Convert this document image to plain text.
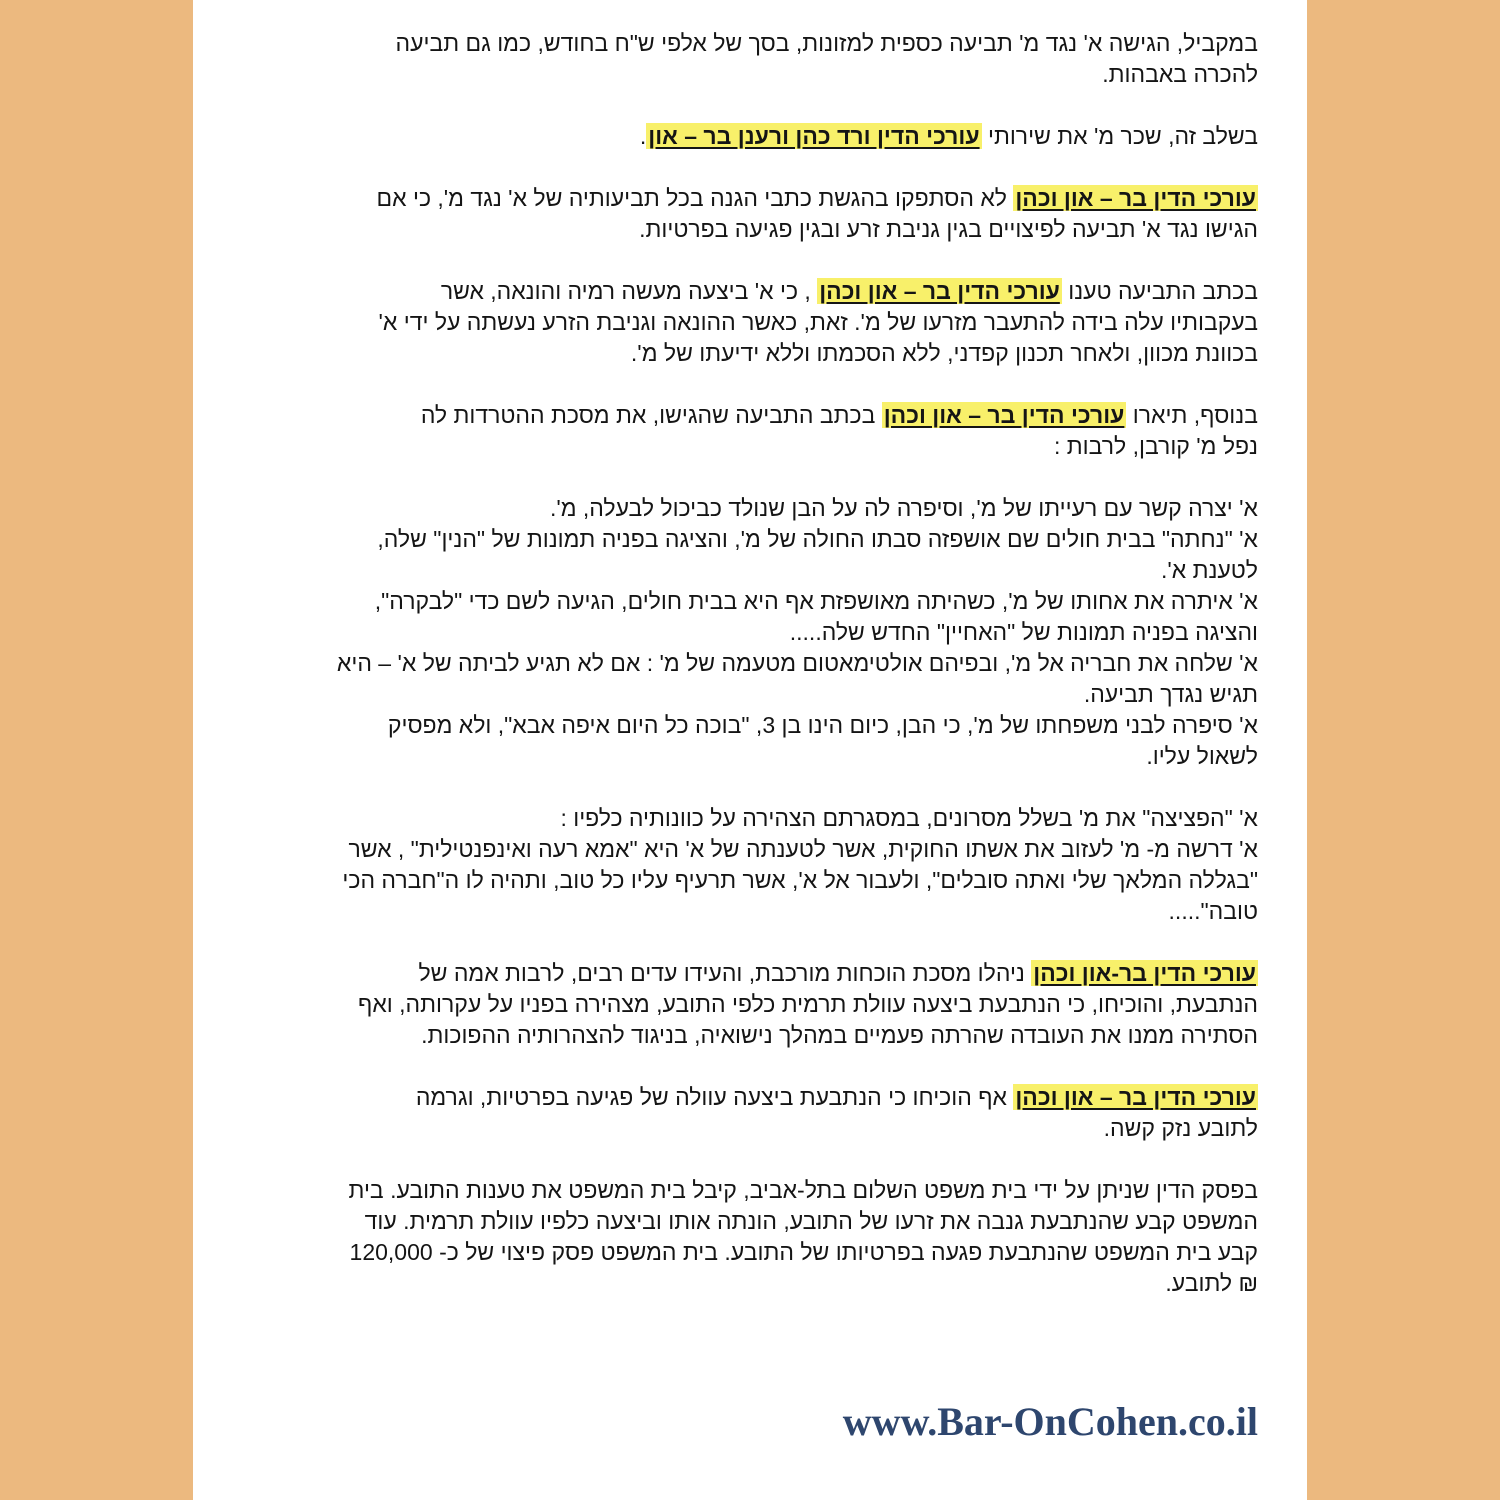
במקביל, הגישה א' נגד מ' תביעה כספית למזונות, בסך של אלפי ש"ח בחודש, כמו גם תביעה
להכרה באבהות.

בשלב זה, שכר מ' את שירותי עורכי הדין ורד כהן ורענן בר – און.

עורכי הדין בר – און וכהן לא הסתפקו בהגשת כתבי הגנה בכל תביעותיה של א' נגד מ', כי אם
הגישו נגד א' תביעה לפיצויים בגין גניבת זרע ובגין פגיעה בפרטיות.

בכתב התביעה טענו עורכי הדין בר – און וכהן , כי א' ביצעה מעשה רמיה והונאה, אשר
בעקבותיו עלה בידה להתעבר מזרעו של מ'. זאת, כאשר ההונאה וגניבת הזרע נעשתה על ידי א'
בכוונת מכוון, ולאחר תכנון קפדני, ללא הסכמתו וללא ידיעתו של מ'.

בנוסף, תיארו עורכי הדין בר – און וכהן בכתב התביעה שהגישו, את מסכת ההטרדות לה
נפל מ' קורבן, לרבות :

א' יצרה קשר עם רעייתו של מ', וסיפרה לה על הבן שנולד כביכול לבעלה, מ'.
א' "נחתה" בבית חולים שם אושפזה סבתו החולה של מ', והציגה בפניה תמונות של "הנין" שלה,
לטענת א'.
א' איתרה את אחותו של מ', כשהיתה מאושפזת אף היא בבית חולים, הגיעה לשם כדי "לבקרה",
והציגה בפניה תמונות של "האחיין" החדש שלה.....
א' שלחה את חבריה אל מ', ובפיהם אולטימאטום מטעמה של מ' : אם לא תגיע לביתה של א' – היא
תגיש נגדך תביעה.
א' סיפרה לבני משפחתו של מ', כי הבן, כיום הינו בן 3, "בוכה כל היום איפה אבא", ולא מפסיק
לשאול עליו.

א' "הפציצה" את מ' בשלל מסרונים, במסגרתם הצהירה על כוונותיה כלפיו :
א' דרשה מ- מ' לעזוב את אשתו החוקית, אשר לטענתה של א' היא "אמא רעה ואינפנטילית" , אשר
"בגללה המלאך שלי ואתה סובלים", ולעבור אל א', אשר תרעיף עליו כל טוב, ותהיה לו ה"חברה הכי
טובה".....

עורכי הדין בר-און וכהן ניהלו מסכת הוכחות מורכבת, והעידו עדים רבים, לרבות אמה של
הנתבעת, והוכיחו, כי הנתבעת ביצעה עוולת תרמית כלפי התובע, מצהירה בפניו על עקרותה, ואף
הסתירה ממנו את העובדה שהרתה פעמיים במהלך נישואיה, בניגוד להצהרותיה ההפוכות.

עורכי הדין בר – און וכהן אף הוכיחו כי הנתבעת ביצעה עוולה של פגיעה בפרטיות, וגרמה
לתובע נזק קשה.

בפסק הדין שניתן על ידי בית משפט השלום בתל-אביב, קיבל בית המשפט את טענות התובע. בית
המשפט קבע שהנתבעת גנבה את זרעו של התובע, הונתה אותו וביצעה כלפיו עוולת תרמית. עוד
קבע בית המשפט שהנתבעת פגעה בפרטיותו של התובע. בית המשפט פסק פיצוי של כ- 120,000
₪ לתובע.

www.Bar-OnCohen.co.il
